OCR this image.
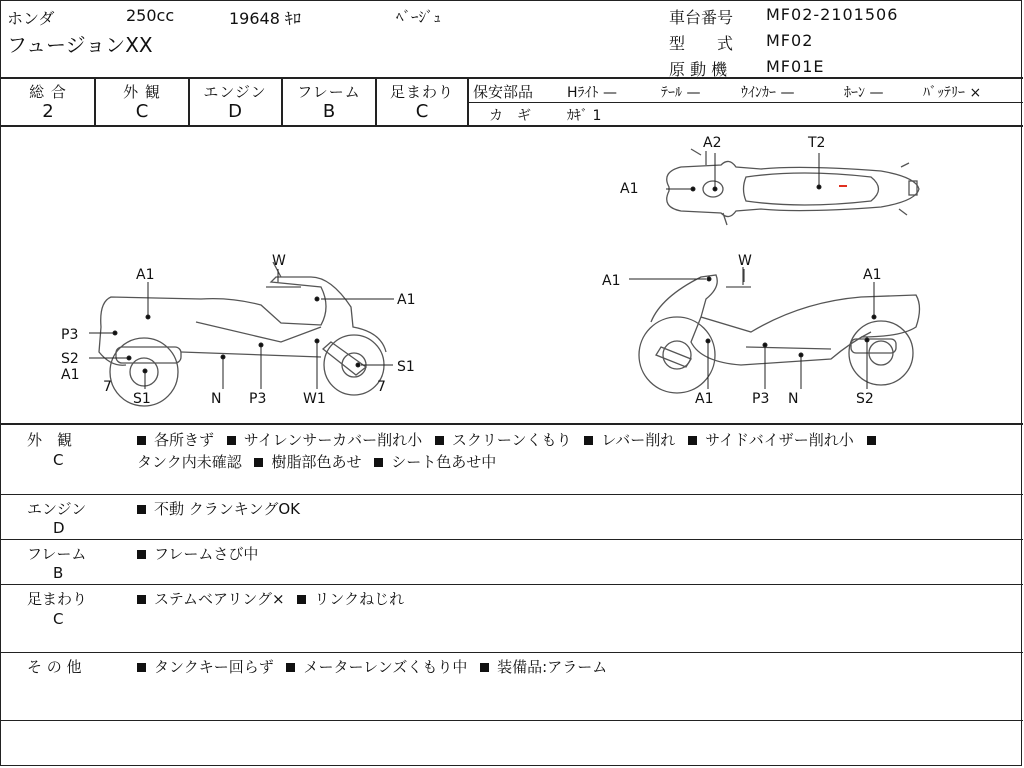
ホンダ	250cc	19648 ｷﾛ	ﾍﾞｰｼﾞｭ
フュージョンXX
車台番号 MF02-2101506
型　　式 MF02
原 動 機 MF01E
総 合
2
外 観
C
エンジン
D
フレーム
B
足まわり
C
保安部品 Hﾗｲﾄ —	ﾃｰﾙ —	ｳｲﾝｶｰ —	ﾎｰﾝ —	ﾊﾞｯﾃﾘｰ ×
カ　ギ	ｶｷﾞ 1
A2	T2
A1
W
A1
A1
P3
S2
A1
7
S1	N P3	W1
S1
7
W
A1	A1
A1	P3 N	S2
外　観
C
各所きず サイレンサーカバー削れ小 スクリーンくもり レバー削れ サイドバイザー削れ小
タンク内未確認 樹脂部色あせ シート色あせ中
エンジン
D
不動 クランキングOK
フレーム
B
フレームさび中
足まわり
C
ステムベアリング× リンクねじれ
そ の 他	タンクキー回らず メーターレンズくもり中 装備品:アラーム
